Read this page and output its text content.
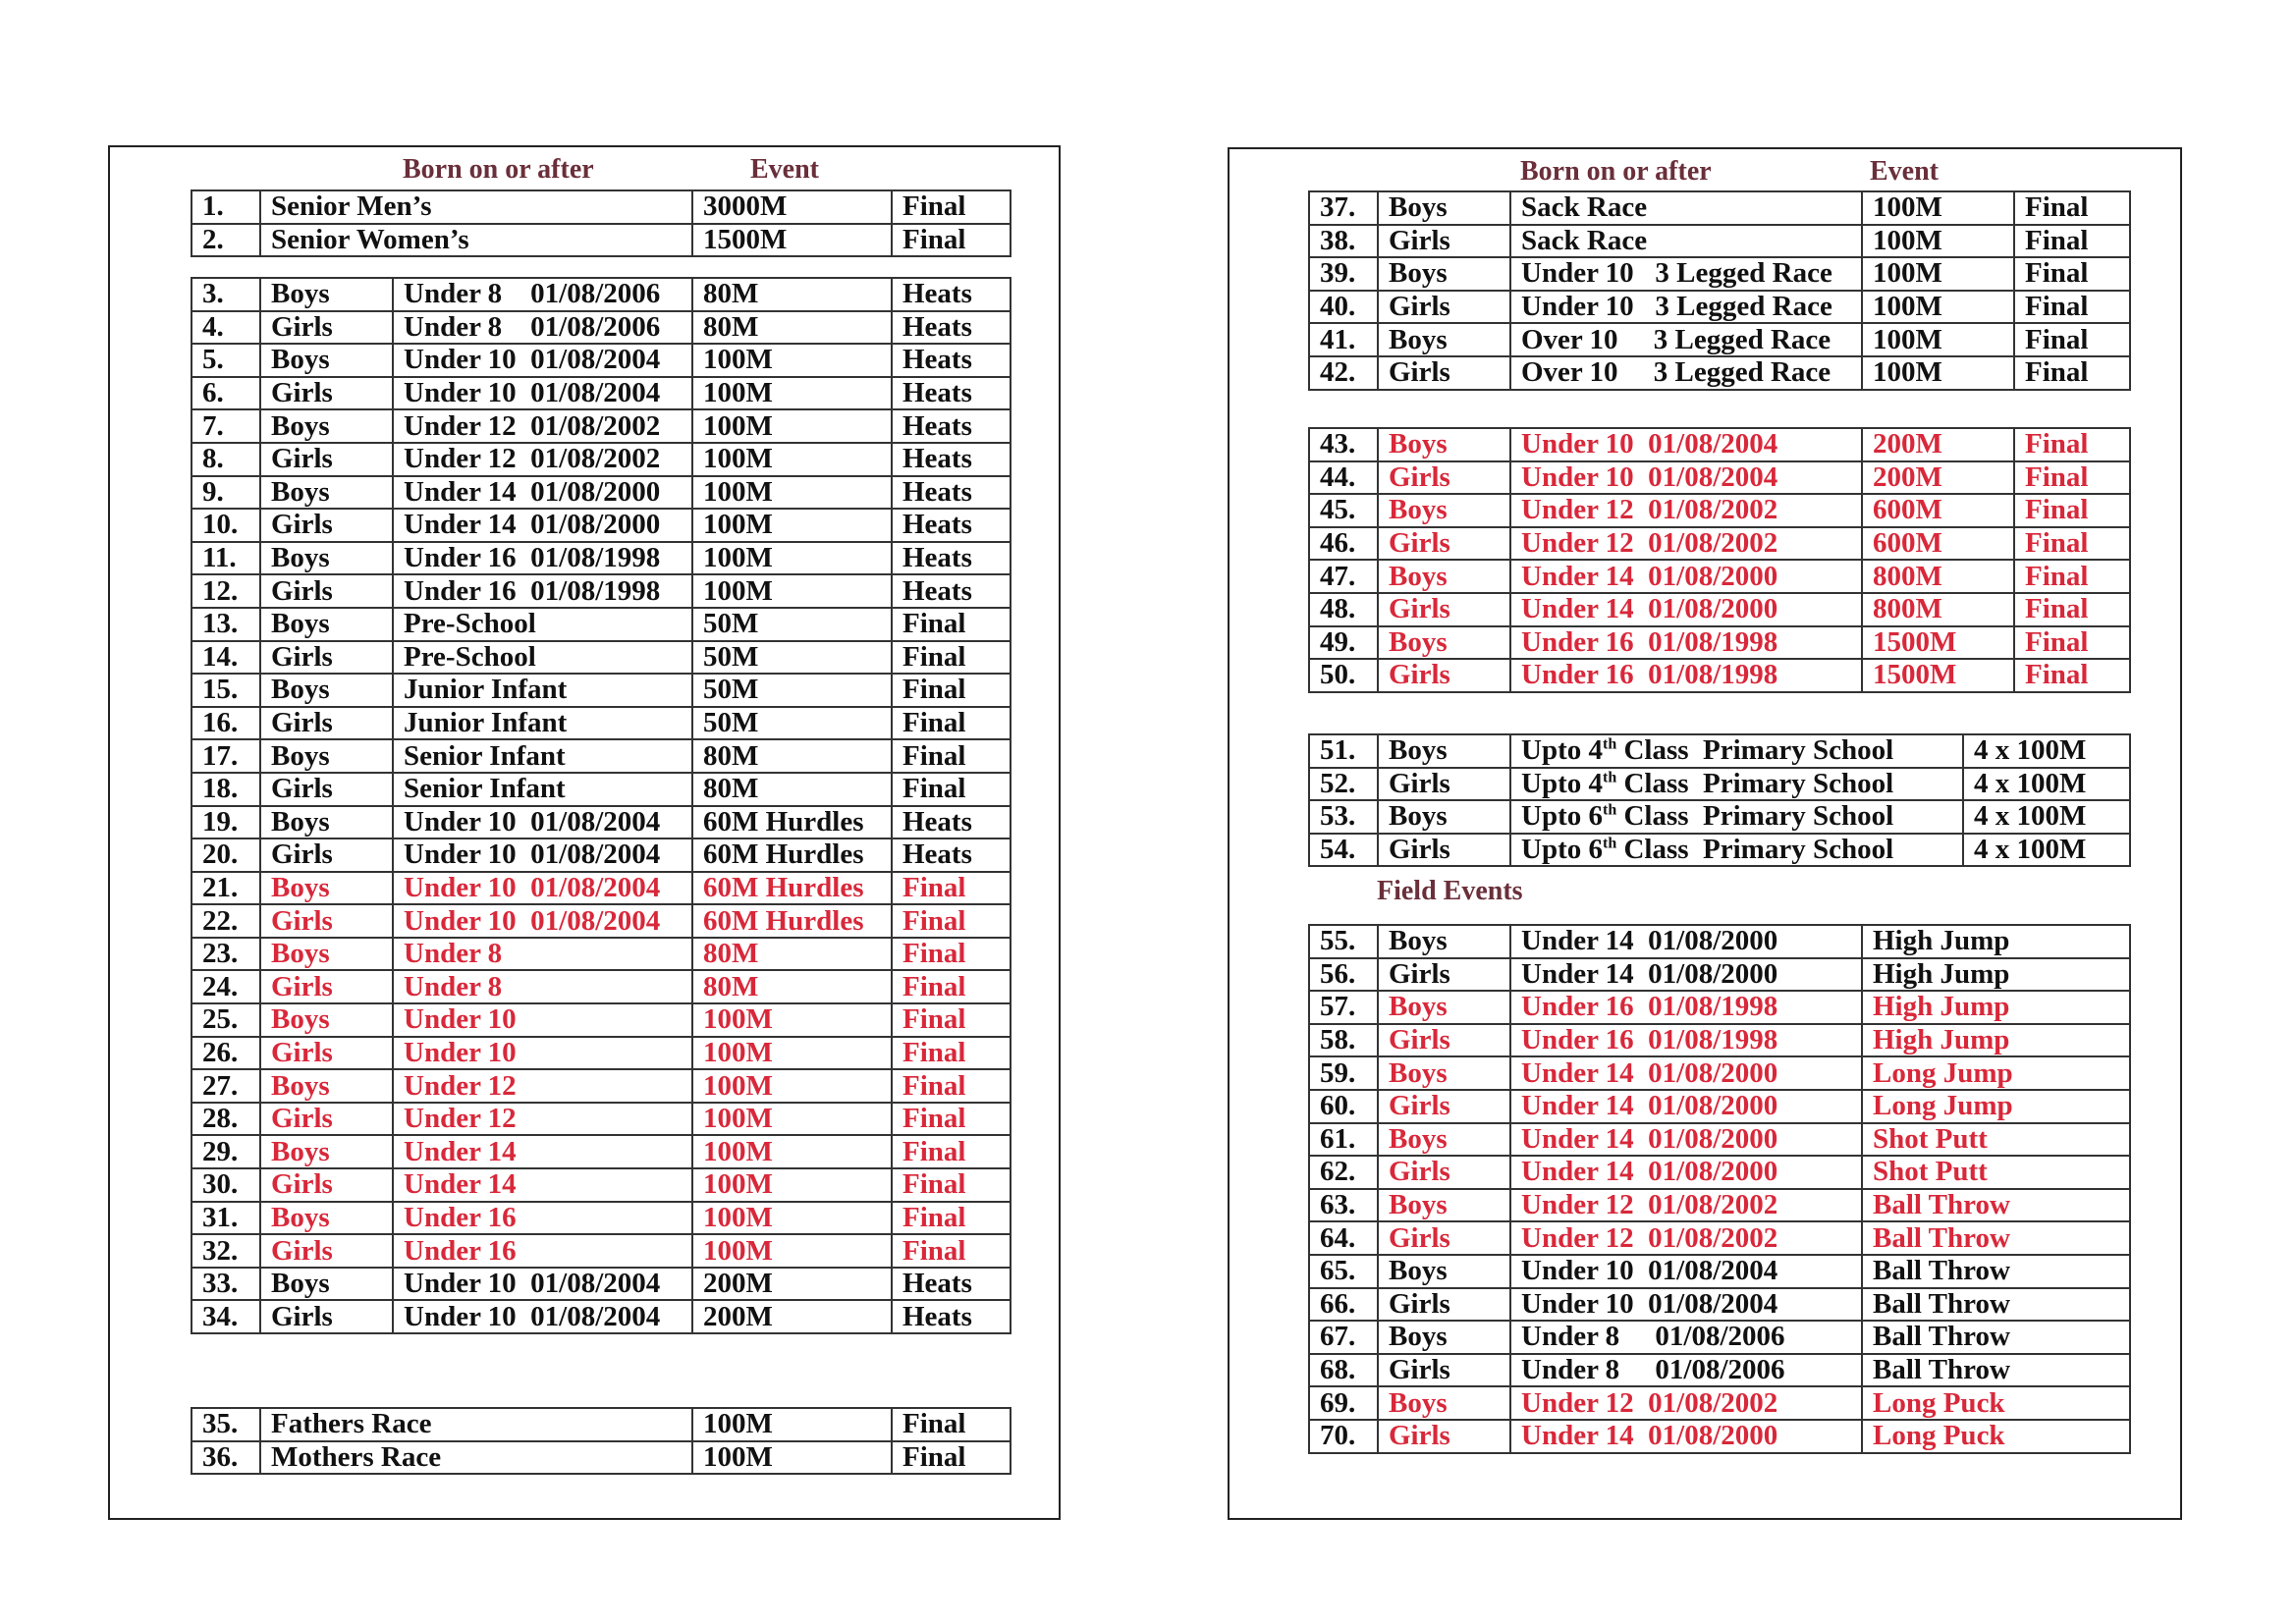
Born on or after	Event
1.	Senior Men’s	3000M	Final
2.	Senior Women’s	1500M	Final
3.	Boys	Under 8    01/08/2006	80M	Heats
4.	Girls	Under 8    01/08/2006	80M	Heats
5.	Boys	Under 10  01/08/2004	100M	Heats
6.	Girls	Under 10  01/08/2004	100M	Heats
7.	Boys	Under 12  01/08/2002	100M	Heats
8.	Girls	Under 12  01/08/2002	100M	Heats
9.	Boys	Under 14  01/08/2000	100M	Heats
10.	Girls	Under 14  01/08/2000	100M	Heats
11.	Boys	Under 16  01/08/1998	100M	Heats
12.	Girls	Under 16  01/08/1998	100M	Heats
13.	Boys	Pre-School	50M	Final
14.	Girls	Pre-School	50M	Final
15.	Boys	Junior Infant	50M	Final
16.	Girls	Junior Infant	50M	Final
17.	Boys	Senior Infant	80M	Final
18.	Girls	Senior Infant	80M	Final
19.	Boys	Under 10  01/08/2004	60M Hurdles	Heats
20.	Girls	Under 10  01/08/2004	60M Hurdles	Heats
21.	Boys	Under 10  01/08/2004	60M Hurdles	Final
22.	Girls	Under 10  01/08/2004	60M Hurdles	Final
23.	Boys	Under 8	80M	Final
24.	Girls	Under 8	80M	Final
25.	Boys	Under 10	100M	Final
26.	Girls	Under 10	100M	Final
27.	Boys	Under 12	100M	Final
28.	Girls	Under 12	100M	Final
29.	Boys	Under 14	100M	Final
30.	Girls	Under 14	100M	Final
31.	Boys	Under 16	100M	Final
32.	Girls	Under 16	100M	Final
33.	Boys	Under 10  01/08/2004	200M	Heats
34.	Girls	Under 10  01/08/2004	200M	Heats
35.	Fathers Race	100M	Final
36.	Mothers Race	100M	Final
Born on or after	Event
37.	Boys	Sack Race	100M	Final
38.	Girls	Sack Race	100M	Final
39.	Boys	Under 10   3 Legged Race	100M	Final
40.	Girls	Under 10   3 Legged Race	100M	Final
41.	Boys	Over 10     3 Legged Race	100M	Final
42.	Girls	Over 10     3 Legged Race	100M	Final
43.	Boys	Under 10  01/08/2004	200M	Final
44.	Girls	Under 10  01/08/2004	200M	Final
45.	Boys	Under 12  01/08/2002	600M	Final
46.	Girls	Under 12  01/08/2002	600M	Final
47.	Boys	Under 14  01/08/2000	800M	Final
48.	Girls	Under 14  01/08/2000	800M	Final
49.	Boys	Under 16  01/08/1998	1500M	Final
50.	Girls	Under 16  01/08/1998	1500M	Final
51.	Boys	Upto 4th Class  Primary School	4 x 100M
52.	Girls	Upto 4th Class  Primary School	4 x 100M
53.	Boys	Upto 6th Class  Primary School	4 x 100M
54.	Girls	Upto 6th Class  Primary School	4 x 100M
Field Events
55.	Boys	Under 14  01/08/2000	High Jump
56.	Girls	Under 14  01/08/2000	High Jump
57.	Boys	Under 16  01/08/1998	High Jump
58.	Girls	Under 16  01/08/1998	High Jump
59.	Boys	Under 14  01/08/2000	Long Jump
60.	Girls	Under 14  01/08/2000	Long Jump
61.	Boys	Under 14  01/08/2000	Shot Putt
62.	Girls	Under 14  01/08/2000	Shot Putt
63.	Boys	Under 12  01/08/2002	Ball Throw
64.	Girls	Under 12  01/08/2002	Ball Throw
65.	Boys	Under 10  01/08/2004	Ball Throw
66.	Girls	Under 10  01/08/2004	Ball Throw
67.	Boys	Under 8     01/08/2006	Ball Throw
68.	Girls	Under 8     01/08/2006	Ball Throw
69.	Boys	Under 12  01/08/2002	Long Puck
70.	Girls	Under 14  01/08/2000	Long Puck
